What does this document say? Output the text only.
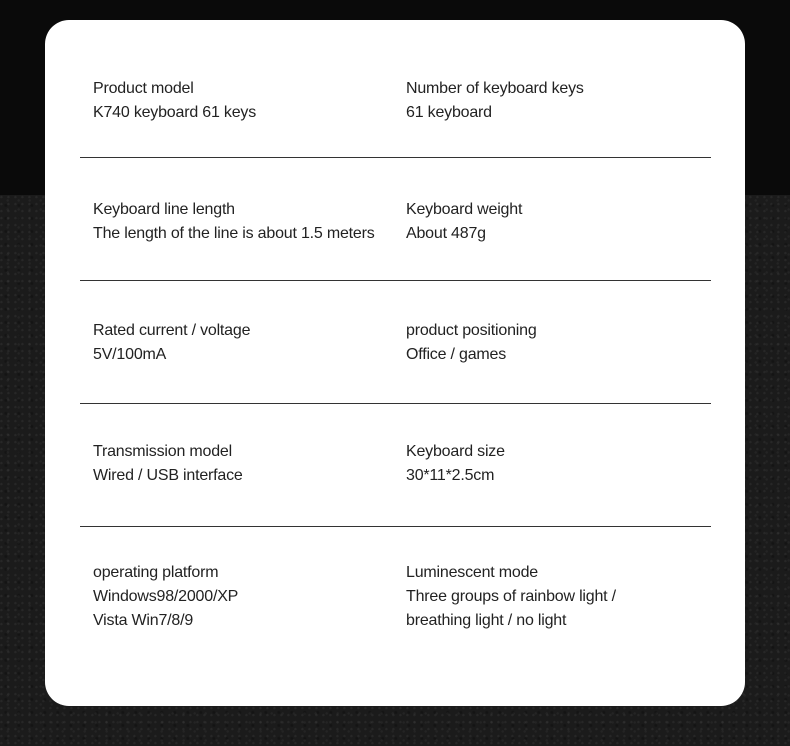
Product model
K740 keyboard 61 keys
Number of keyboard keys
61 keyboard
Keyboard line length
The length of the line is about 1.5 meters
Keyboard weight
About 487g
Rated current / voltage
5V/100mA
product positioning
Office / games
Transmission model
Wired / USB interface
Keyboard size
30*11*2.5cm
operating platform
Windows98/2000/XP
Vista Win7/8/9
Luminescent mode
Three groups of rainbow light /
breathing light / no light
